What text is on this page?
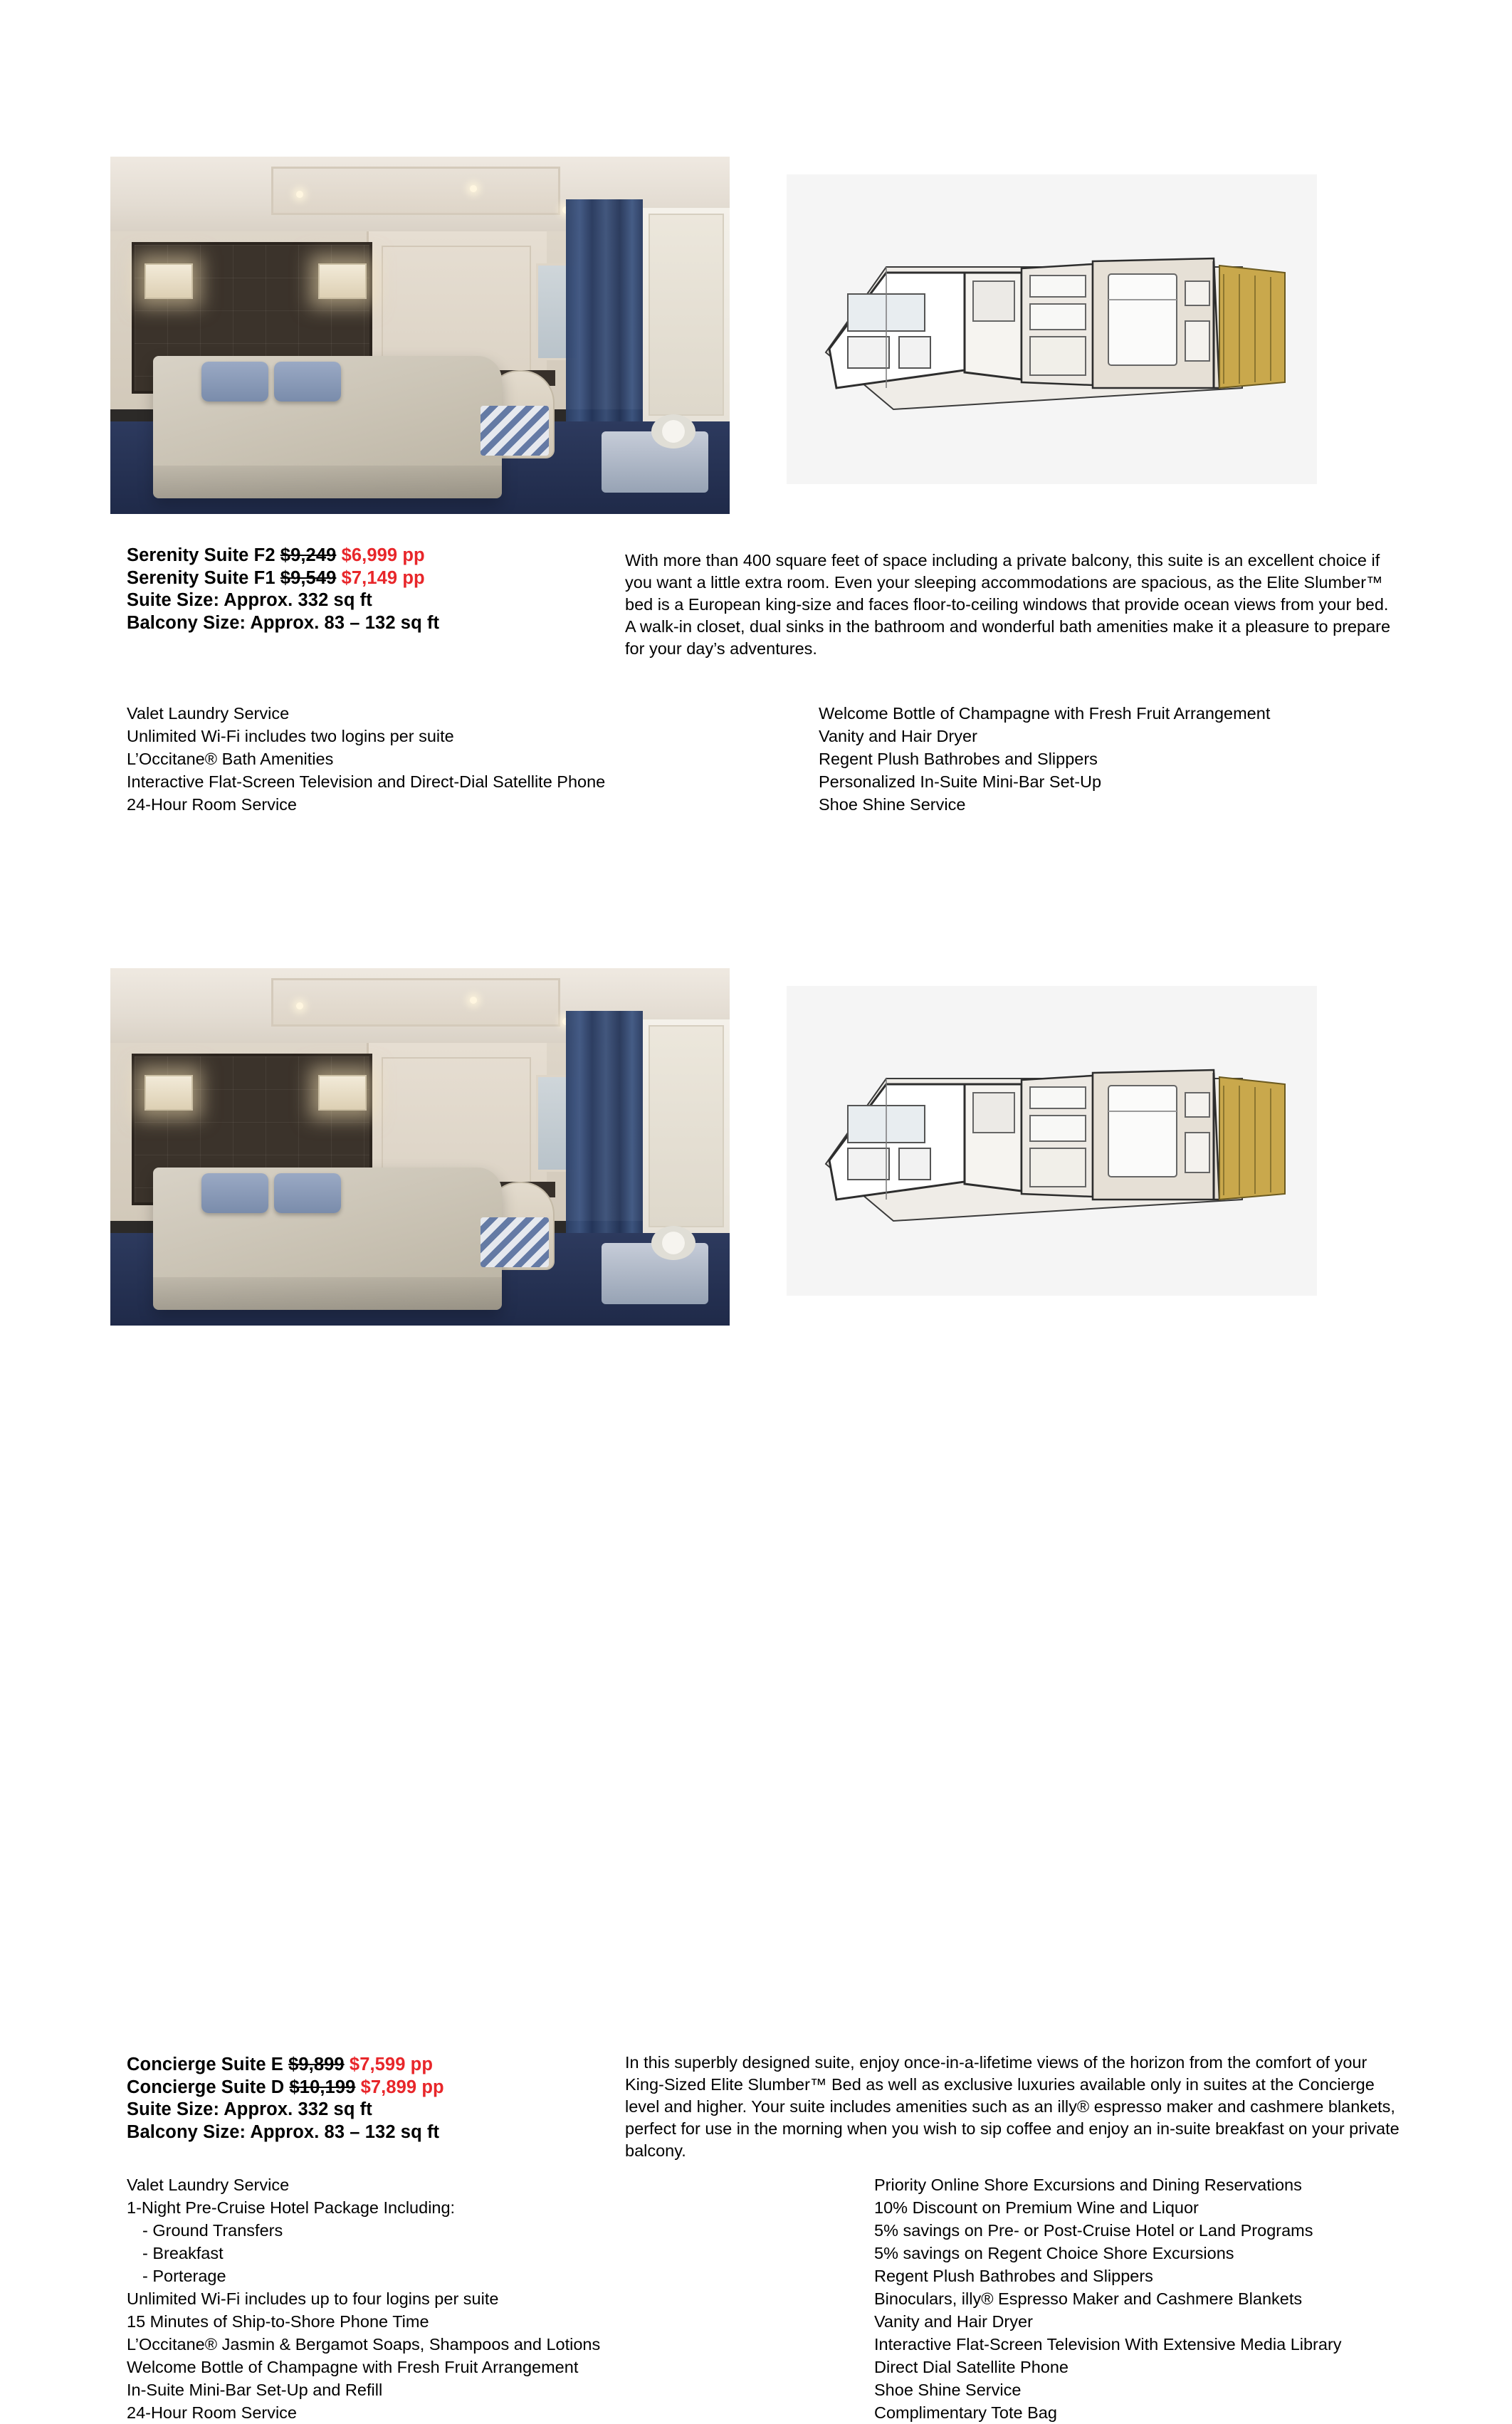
Serenity Suite F2 $9,249 $6,999 pp
Serenity Suite F1 $9,549 $7,149 pp
Suite Size: Approx. 332 sq ft
Balcony Size: Approx. 83 – 132 sq ft
With more than 400 square feet of space including a private balcony, this suite is an excellent choice if you want a little extra room. Even your sleeping accommodations are spacious, as the Elite Slumber™ bed is a European king-size and faces floor-to-ceiling windows that provide ocean views from your bed. A walk-in closet, dual sinks in the bathroom and wonderful bath amenities make it a pleasure to prepare for your day’s adventures.
Valet Laundry Service
Unlimited Wi-Fi includes two logins per suite
L’Occitane® Bath Amenities
Interactive Flat-Screen Television and Direct-Dial Satellite Phone
24-Hour Room Service
Welcome Bottle of Champagne with Fresh Fruit Arrangement
Vanity and Hair Dryer
Regent Plush Bathrobes and Slippers
Personalized In-Suite Mini-Bar Set-Up
Shoe Shine Service
Concierge Suite E $9,899 $7,599 pp
Concierge Suite D $10,199 $7,899 pp
Suite Size: Approx. 332 sq ft
Balcony Size: Approx. 83 – 132 sq ft
In this superbly designed suite, enjoy once-in-a-lifetime views of the horizon from the comfort of your King-Sized Elite Slumber™ Bed as well as exclusive luxuries available only in suites at the Concierge level and higher. Your suite includes amenities such as an illy® espresso maker and cashmere blankets, perfect for use in the morning when you wish to sip coffee and enjoy an in-suite breakfast on your private balcony.
Valet Laundry Service
1-Night Pre-Cruise Hotel Package Including:
- Ground Transfers
- Breakfast
- Porterage
Unlimited Wi-Fi includes up to four logins per suite
15 Minutes of Ship-to-Shore Phone Time
L’Occitane® Jasmin & Bergamot Soaps, Shampoos and Lotions
Welcome Bottle of Champagne with Fresh Fruit Arrangement
In-Suite Mini-Bar Set-Up and Refill
24-Hour Room Service
Priority Online Shore Excursions and Dining Reservations
10% Discount on Premium Wine and Liquor
5% savings on Pre- or Post-Cruise Hotel or Land Programs
5% savings on Regent Choice Shore Excursions
Regent Plush Bathrobes and Slippers
Binoculars, illy® Espresso Maker and Cashmere Blankets
Vanity and Hair Dryer
Interactive Flat-Screen Television With Extensive Media Library
Direct Dial Satellite Phone
Shoe Shine Service
Complimentary Tote Bag
